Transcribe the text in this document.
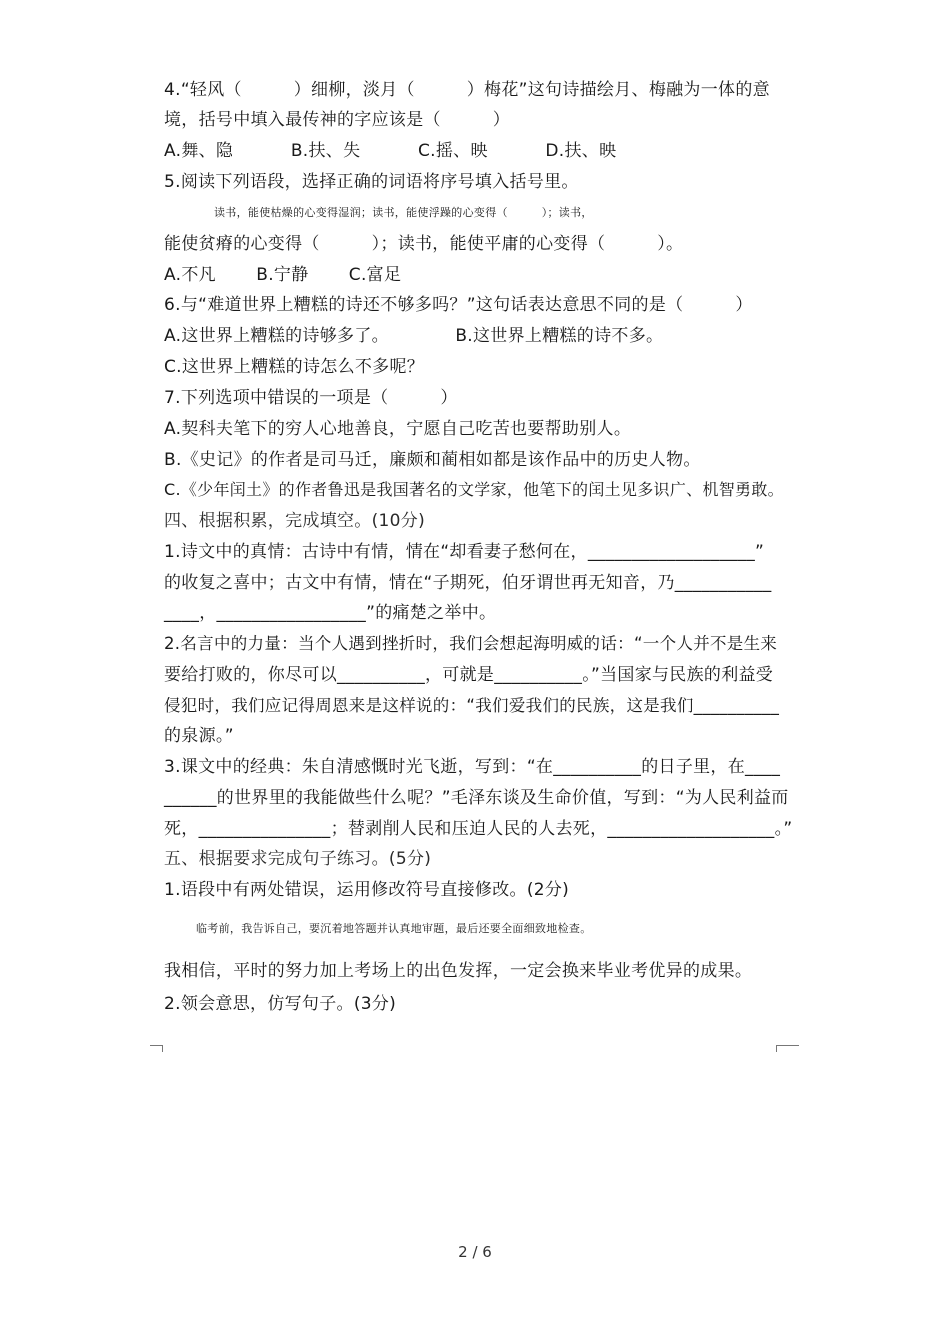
4.“轻风（　　　）细柳，淡月（　　　）梅花”这句诗描绘月、梅融为一体的意
境，括号中填入最传神的字应该是（　　　）
A.舞、隐　　　 B.扶、失　　　 C.摇、映　　　 D.扶、映
5.阅读下列语段，选择正确的词语将序号填入括号里。
读书，能使枯燥的心变得湿润；读书，能使浮躁的心变得（　　　）；读书，
能使贫瘠的心变得（　　　）；读书，能使平庸的心变得（　　　）。
A.不凡　　 B.宁静　　 C.富足
6.与“难道世界上糟糕的诗还不够多吗？”这句话表达意思不同的是（　　　）
A.这世界上糟糕的诗够多了。　　　　 B.这世界上糟糕的诗不多。
C.这世界上糟糕的诗怎么不多呢？
7.下列选项中错误的一项是（　　　）
A.契科夫笔下的穷人心地善良，宁愿自己吃苦也要帮助别人。
B.《史记》的作者是司马迁，廉颇和蔺相如都是该作品中的历史人物。
C.《少年闰土》的作者鲁迅是我国著名的文学家，他笔下的闰土见多识广、机智勇敢。
四、根据积累，完成填空。(10分)
1.诗文中的真情：古诗中有情，情在“却看妻子愁何在，___________________”
的收复之喜中；古文中有情，情在“子期死，伯牙谓世再无知音，乃___________
____，_________________”的痛楚之举中。
2.名言中的力量：当个人遇到挫折时，我们会想起海明威的话：“一个人并不是生来
要给打败的，你尽可以__________，可就是__________。”当国家与民族的利益受
侵犯时，我们应记得周恩来是这样说的：“我们爱我们的民族，这是我们__________
的泉源。”
3.课文中的经典：朱自清感慨时光飞逝，写到：“在__________的日子里，在____
______的世界里的我能做些什么呢？”毛泽东谈及生命价值，写到：“为人民利益而
死，_______________；替剥削人民和压迫人民的人去死，___________________。”
五、根据要求完成句子练习。(5分)
1.语段中有两处错误，运用修改符号直接修改。(2分)
临考前，我告诉自己，要沉着地答题并认真地审题，最后还要全面细致地检查。
我相信，平时的努力加上考场上的出色发挥，一定会换来毕业考优异的成果。
2.领会意思，仿写句子。(3分)
2 / 6
